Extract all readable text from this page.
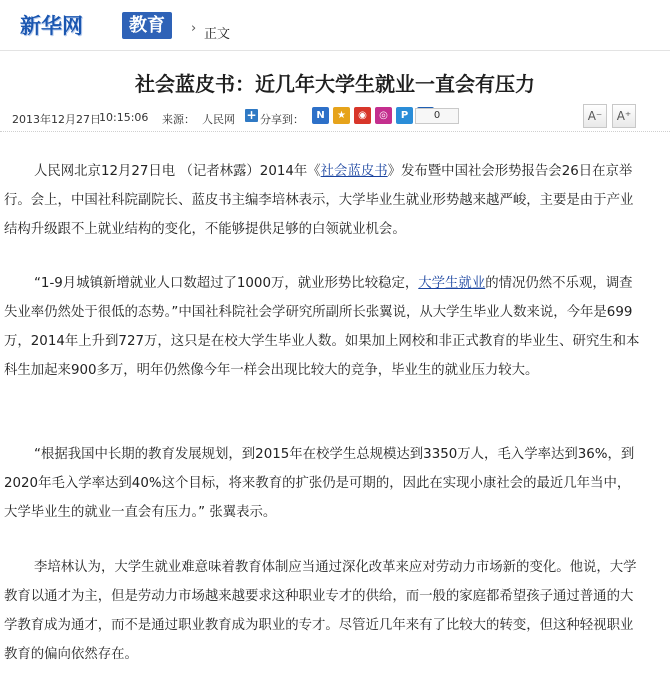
新华网	教育	› 正文
社会蓝皮书：近几年大学生就业一直会有压力
2013年12月27日
10:15:06 来源： 人民网 + 分享到：	N	★	◉	◎	P	0	A⁻	A⁺

人民网北京12月27日电 （记者林露）2014年《社会蓝皮书》发布暨中国社会形势报告会26日在京举行。会上，中国社科院副院长、蓝皮书主编李培林表示，大学毕业生就业形势越来越严峻，主要是由于产业结构升级跟不上就业结构的变化，不能够提供足够的白领就业机会。

“1-9月城镇新增就业人口数超过了1000万，就业形势比较稳定，大学生就业的情况仍然不乐观，调查失业率仍然处于很低的态势。”中国社科院社会学研究所副所长张翼说，从大学生毕业人数来说，今年是699万，2014年上升到727万，这只是在校大学生毕业人数。如果加上网校和非正式教育的毕业生、研究生和本科生加起来900多万，明年仍然像今年一样会出现比较大的竞争，毕业生的就业压力较大。

“根据我国中长期的教育发展规划，到2015年在校学生总规模达到3350万人，毛入学率达到36%，到2020年毛入学率达到40%这个目标，将来教育的扩张仍是可期的，因此在实现小康社会的最近几年当中，大学毕业生的就业一直会有压力。” 张翼表示。

李培林认为，大学生就业难意味着教育体制应当通过深化改革来应对劳动力市场新的变化。他说，大学教育以通才为主，但是劳动力市场越来越要求这种职业专才的供给，而一般的家庭都希望孩子通过普通的大学教育成为通才，而不是通过职业教育成为职业的专才。尽管近几年来有了比较大的转变，但这种轻视职业教育的偏向依然存在。
